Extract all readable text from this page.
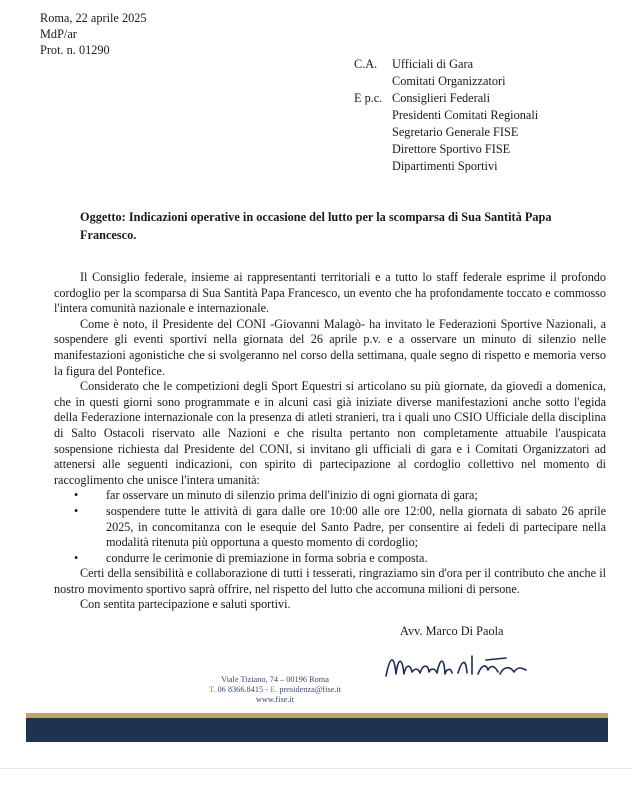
Roma, 22 aprile 2025
MdP/ar
Prot. n. 01290
C.A.	Ufficiali di Gara
Comitati Organizzatori
E p.c. Consiglieri Federali
Presidenti Comitati Regionali
Segretario Generale FISE
Direttore Sportivo FISE
Dipartimenti Sportivi
Oggetto: Indicazioni operative in occasione del lutto per la scomparsa di Sua Santità Papa Francesco.

Il Consiglio federale, insieme ai rappresentanti territoriali e a tutto lo staff federale esprime il profondo cordoglio per la scomparsa di Sua Santità Papa Francesco, un evento che ha profondamente toccato e commosso l'intera comunità nazionale e internazionale.

Come è noto, il Presidente del CONI -Giovanni Malagò- ha invitato le Federazioni Sportive Nazionali, a sospendere gli eventi sportivi nella giornata del 26 aprile p.v. e a osservare un minuto di silenzio nelle manifestazioni agonistiche che si svolgeranno nel corso della settimana, quale segno di rispetto e memoria verso la figura del Pontefice.

Considerato che le competizioni degli Sport Equestri si articolano su più giornate, da giovedì a domenica, che in questi giorni sono programmate e in alcuni casi già iniziate diverse manifestazioni anche sotto l'egida della Federazione internazionale con la presenza di atleti stranieri, tra i quali uno CSIO Ufficiale della disciplina di Salto Ostacoli riservato alle Nazioni e che risulta pertanto non completamente attuabile l'auspicata sospensione richiesta dal Presidente del CONI, si invitano gli ufficiali di gara e i Comitati Organizzatori ad attenersi alle seguenti indicazioni, con spirito di partecipazione al cordoglio collettivo nel momento di raccoglimento che unisce l'intera umanità:

• far osservare un minuto di silenzio prima dell'inizio di ogni giornata di gara;
• sospendere tutte le attività di gara dalle ore 10:00 alle ore 12:00, nella giornata di sabato 26 aprile 2025, in concomitanza con le esequie del Santo Padre, per consentire ai fedeli di partecipare nella modalità ritenuta più opportuna a questo momento di cordoglio;
• condurre le cerimonie di premiazione in forma sobria e composta.

Certi della sensibilità e collaborazione di tutti i tesserati, ringraziamo sin d'ora per il contributo che anche il nostro movimento sportivo saprà offrire, nel rispetto del lutto che accomuna milioni di persone.

Con sentita partecipazione e saluti sportivi.

Avv. Marco Di Paola
Viale Tiziano, 74 – 00196 Roma
T. 06 8366.8415 - E. presidenza@fise.it
www.fise.it
